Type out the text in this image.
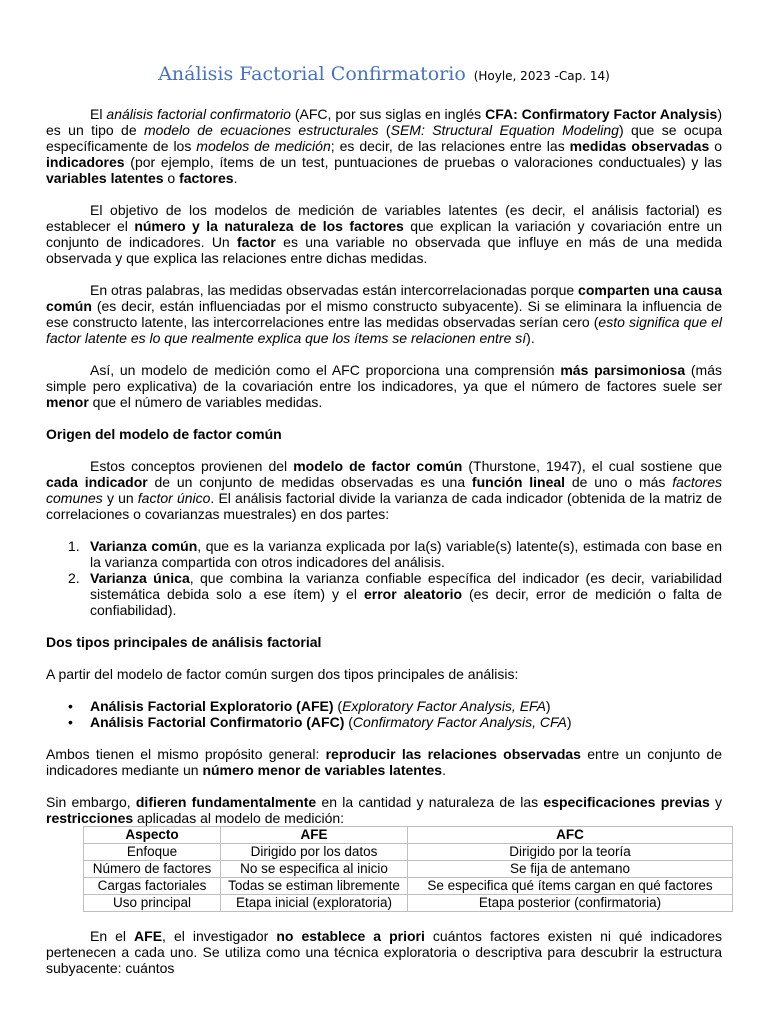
Análisis Factorial Confirmatorio (Hoyle, 2023 -Cap. 14)

El análisis factorial confirmatorio (AFC, por sus siglas en inglés CFA: Confirmatory Factor Analysis) es un tipo de modelo de ecuaciones estructurales (SEM: Structural Equation Modeling) que se ocupa específicamente de los modelos de medición; es decir, de las relaciones entre las medidas observadas o indicadores (por ejemplo, ítems de un test, puntuaciones de pruebas o valoraciones conductuales) y las variables latentes o factores.

El objetivo de los modelos de medición de variables latentes (es decir, el análisis factorial) es establecer el número y la naturaleza de los factores que explican la variación y covariación entre un conjunto de indicadores. Un factor es una variable no observada que influye en más de una medida observada y que explica las relaciones entre dichas medidas.

En otras palabras, las medidas observadas están intercorrelacionadas porque comparten una causa común (es decir, están influenciadas por el mismo constructo subyacente). Si se eliminara la influencia de ese constructo latente, las intercorrelaciones entre las medidas observadas serían cero (esto significa que el factor latente es lo que realmente explica que los ítems se relacionen entre sí).

Así, un modelo de medición como el AFC proporciona una comprensión más parsimoniosa (más simple pero explicativa) de la covariación entre los indicadores, ya que el número de factores suele ser menor que el número de variables medidas.

Origen del modelo de factor común

Estos conceptos provienen del modelo de factor común (Thurstone, 1947), el cual sostiene que cada indicador de un conjunto de medidas observadas es una función lineal de uno o más factores comunes y un factor único. El análisis factorial divide la varianza de cada indicador (obtenida de la matriz de correlaciones o covarianzas muestrales) en dos partes:

1. Varianza común, que es la varianza explicada por la(s) variable(s) latente(s), estimada con base en la varianza compartida con otros indicadores del análisis.
2. Varianza única, que combina la varianza confiable específica del indicador (es decir, variabilidad sistemática debida solo a ese ítem) y el error aleatorio (es decir, error de medición o falta de confiabilidad).
Dos tipos principales de análisis factorial

A partir del modelo de factor común surgen dos tipos principales de análisis:

• Análisis Factorial Exploratorio (AFE) (Exploratory Factor Analysis, EFA)
• Análisis Factorial Confirmatorio (AFC) (Confirmatory Factor Analysis, CFA)

Ambos tienen el mismo propósito general: reproducir las relaciones observadas entre un conjunto de indicadores mediante un número menor de variables latentes.

Sin embargo, difieren fundamentalmente en la cantidad y naturaleza de las especificaciones previas y restricciones aplicadas al modelo de medición:

Aspecto	AFE	AFC
Enfoque	Dirigido por los datos	Dirigido por la teoría
Número de factores	No se especifica al inicio	Se fija de antemano
Cargas factoriales	Todas se estiman libremente	Se especifica qué ítems cargan en qué factores
Uso principal	Etapa inicial (exploratoria)	Etapa posterior (confirmatoria)

En el AFE, el investigador no establece a priori cuántos factores existen ni qué indicadores pertenecen a cada uno. Se utiliza como una técnica exploratoria o descriptiva para descubrir la estructura subyacente: cuántos
